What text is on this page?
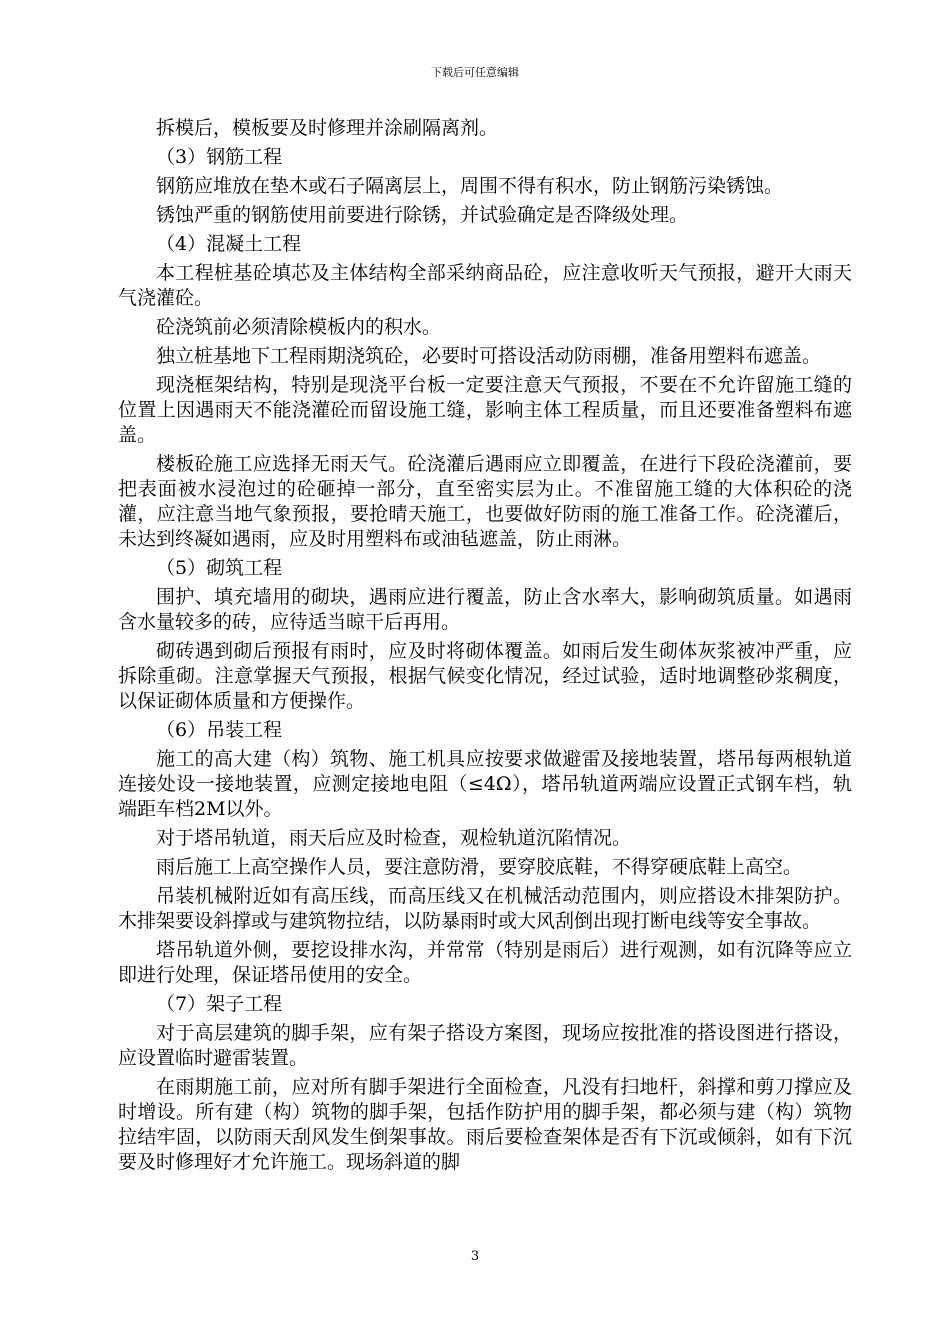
下载后可任意编辑

拆模后，模板要及时修理并涂刷隔离剂。

（3）钢筋工程

钢筋应堆放在垫木或石子隔离层上，周围不得有积水，防止钢筋污染锈蚀。

锈蚀严重的钢筋使用前要进行除锈，并试验确定是否降级处理。

（4）混凝土工程

本工程桩基砼填芯及主体结构全部采纳商品砼，应注意收听天气预报，避开大雨天气浇灌砼。

砼浇筑前必须清除模板内的积水。

独立桩基地下工程雨期浇筑砼，必要时可搭设活动防雨棚，准备用塑料布遮盖。

现浇框架结构，特别是现浇平台板一定要注意天气预报，不要在不允许留施工缝的位置上因遇雨天不能浇灌砼而留设施工缝，影响主体工程质量，而且还要准备塑料布遮盖。

楼板砼施工应选择无雨天气。砼浇灌后遇雨应立即覆盖，在进行下段砼浇灌前，要把表面被水浸泡过的砼砸掉一部分，直至密实层为止。不准留施工缝的大体积砼的浇灌，应注意当地气象预报，要抢晴天施工，也要做好防雨的施工准备工作。砼浇灌后，未达到终凝如遇雨，应及时用塑料布或油毡遮盖，防止雨淋。

（5）砌筑工程

围护、填充墙用的砌块，遇雨应进行覆盖，防止含水率大，影响砌筑质量。如遇雨含水量较多的砖，应待适当晾干后再用。

砌砖遇到砌后预报有雨时，应及时将砌体覆盖。如雨后发生砌体灰浆被冲严重，应拆除重砌。注意掌握天气预报，根据气候变化情况，经过试验，适时地调整砂浆稠度，以保证砌体质量和方便操作。

（6）吊装工程

施工的高大建（构）筑物、施工机具应按要求做避雷及接地装置，塔吊每两根轨道连接处设一接地装置，应测定接地电阻（≤4Ω），塔吊轨道两端应设置正式钢车档，轨端距车档2M以外。

对于塔吊轨道，雨天后应及时检查，观检轨道沉陷情况。

雨后施工上高空操作人员，要注意防滑，要穿胶底鞋，不得穿硬底鞋上高空。

吊装机械附近如有高压线，而高压线又在机械活动范围内，则应搭设木排架防护。木排架要设斜撑或与建筑物拉结，以防暴雨时或大风刮倒出现打断电线等安全事故。

塔吊轨道外侧，要挖设排水沟，并常常（特别是雨后）进行观测，如有沉降等应立即进行处理，保证塔吊使用的安全。

（7）架子工程

对于高层建筑的脚手架，应有架子搭设方案图，现场应按批准的搭设图进行搭设，应设置临时避雷装置。

在雨期施工前，应对所有脚手架进行全面检查，凡没有扫地杆，斜撑和剪刀撑应及时增设。所有建（构）筑物的脚手架，包括作防护用的脚手架，都必须与建（构）筑物拉结牢固，以防雨天刮风发生倒架事故。雨后要检查架体是否有下沉或倾斜，如有下沉要及时修理好才允许施工。现场斜道的脚

3
